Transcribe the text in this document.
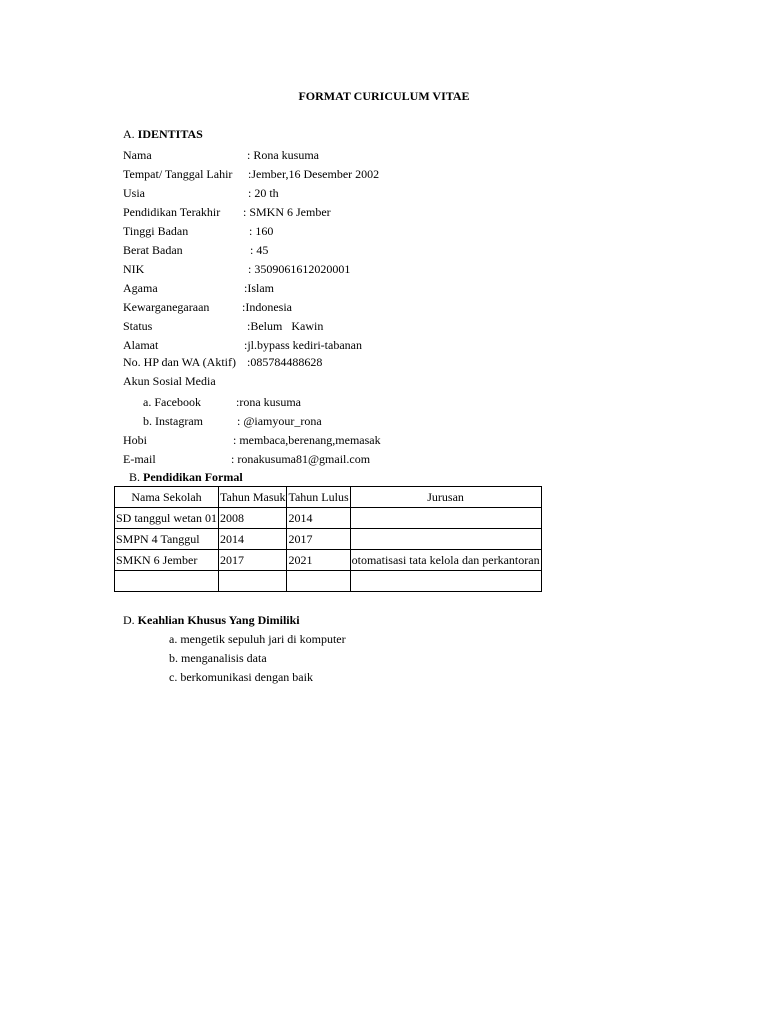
FORMAT CURICULUM VITAE
A. IDENTITAS
Nama	: Rona kusuma
Tempat/ Tanggal Lahir :Jember,16 Desember 2002
Usia	: 20 th
Pendidikan Terakhir : SMKN 6 Jember
Tinggi Badan	: 160
Berat Badan	: 45
NIK	: 3509061612020001
Agama	:Islam
Kewarganegaraan	:Indonesia
Status	:Belum   Kawin
Alamat	:jl.bypass kediri-tabanan
No. HP dan WA (Aktif) :085784488628
Akun Sosial Media
a. Facebook	:rona kusuma
b. Instagram	: @iamyour_rona
Hobi	: membaca,berenang,memasak
E-mail	: ronakusuma81@gmail.com
B. Pendidikan Formal
Nama Sekolah	Tahun Masuk	Tahun Lulus	Jurusan
SD tanggul wetan 01	2008	2014	
SMPN 4 Tanggul	2014	2017	
SMKN 6 Jember	2017	2021	otomatisasi tata kelola dan perkantoran

D. Keahlian Khusus Yang Dimiliki
a. mengetik sepuluh jari di komputer
b. menganalisis data
c. berkomunikasi dengan baik
